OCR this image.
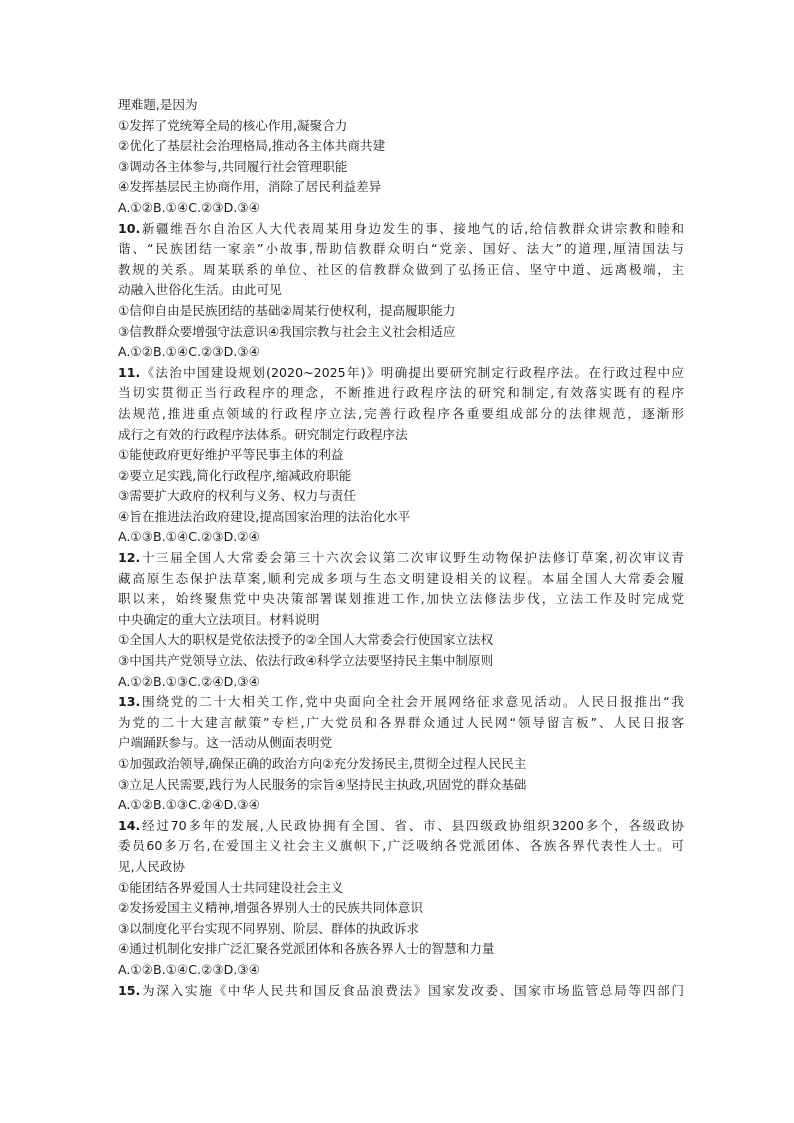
理难题,是因为
①发挥了党统筹全局的核心作用,凝聚合力
②优化了基层社会治理格局,推动各主体共商共建
③调动各主体参与,共同履行社会管理职能
④发挥基层民主协商作用，消除了居民利益差异
A.①②B.①④C.②③D.③④
10.新疆维吾尔自治区人大代表周某用身边发生的事、接地气的话,给信教群众讲宗教和睦和
谐、“民族团结一家亲”小故事,帮助信教群众明白“党亲、国好、法大”的道理,厘清国法与
教规的关系。周某联系的单位、社区的信教群众做到了弘扬正信、坚守中道、远离极端，主
动融入世俗化生活。由此可见
①信仰自由是民族团结的基础②周某行使权利，提高履职能力
③信教群众要增强守法意识④我国宗教与社会主义社会相适应
A.①②B.①④C.②③D.③④
11.《法治中国建设规划(2020~2025年)》明确提出要研究制定行政程序法。在行政过程中应
当切实贯彻正当行政程序的理念，不断推进行政程序法的研究和制定,有效落实既有的程序
法规范,推进重点领域的行政程序立法,完善行政程序各重要组成部分的法律规范，逐渐形
成行之有效的行政程序法体系。研究制定行政程序法
①能使政府更好维护平等民事主体的利益
②要立足实践,简化行政程序,缩减政府职能
③需要扩大政府的权利与义务、权力与责任
④旨在推进法治政府建设,提高国家治理的法治化水平
A.①③B.①④C.②③D.②④
12.十三届全国人大常委会第三十六次会议第二次审议野生动物保护法修订草案,初次审议青
藏高原生态保护法草案,顺利完成多项与生态文明建设相关的议程。本届全国人大常委会履
职以来，始终聚焦党中央决策部署谋划推进工作,加快立法修法步伐，立法工作及时完成党
中央确定的重大立法项目。材料说明
①全国人大的职权是党依法授予的②全国人大常委会行使国家立法权
③中国共产党领导立法、依法行政④科学立法要坚持民主集中制原则
A.①②B.①③C.②④D.③④
13.围绕党的二十大相关工作,党中央面向全社会开展网络征求意见活动。人民日报推出“我
为党的二十大建言献策”专栏,广大党员和各界群众通过人民网“领导留言板”、人民日报客
户端踊跃参与。这一活动从侧面表明党
①加强政治领导,确保正确的政治方向②充分发扬民主,贯彻全过程人民民主
③立足人民需要,践行为人民服务的宗旨④坚持民主执政,巩固党的群众基础
A.①②B.①③C.②④D.③④
14.经过70多年的发展,人民政协拥有全国、省、市、县四级政协组织3200多个，各级政协
委员60多万名,在爱国主义社会主义旗帜下,广泛吸纳各党派团体、各族各界代表性人士。可
见,人民政协
①能团结各界爱国人士共同建设社会主义
②发扬爱国主义精神,增强各界别人士的民族共同体意识
③以制度化平台实现不同界别、阶层、群体的执政诉求
④通过机制化安排广泛汇聚各党派团体和各族各界人士的智慧和力量
A.①②B.①④C.②③D.③④
15.为深入实施《中华人民共和国反食品浪费法》国家发改委、国家市场监管总局等四部门
